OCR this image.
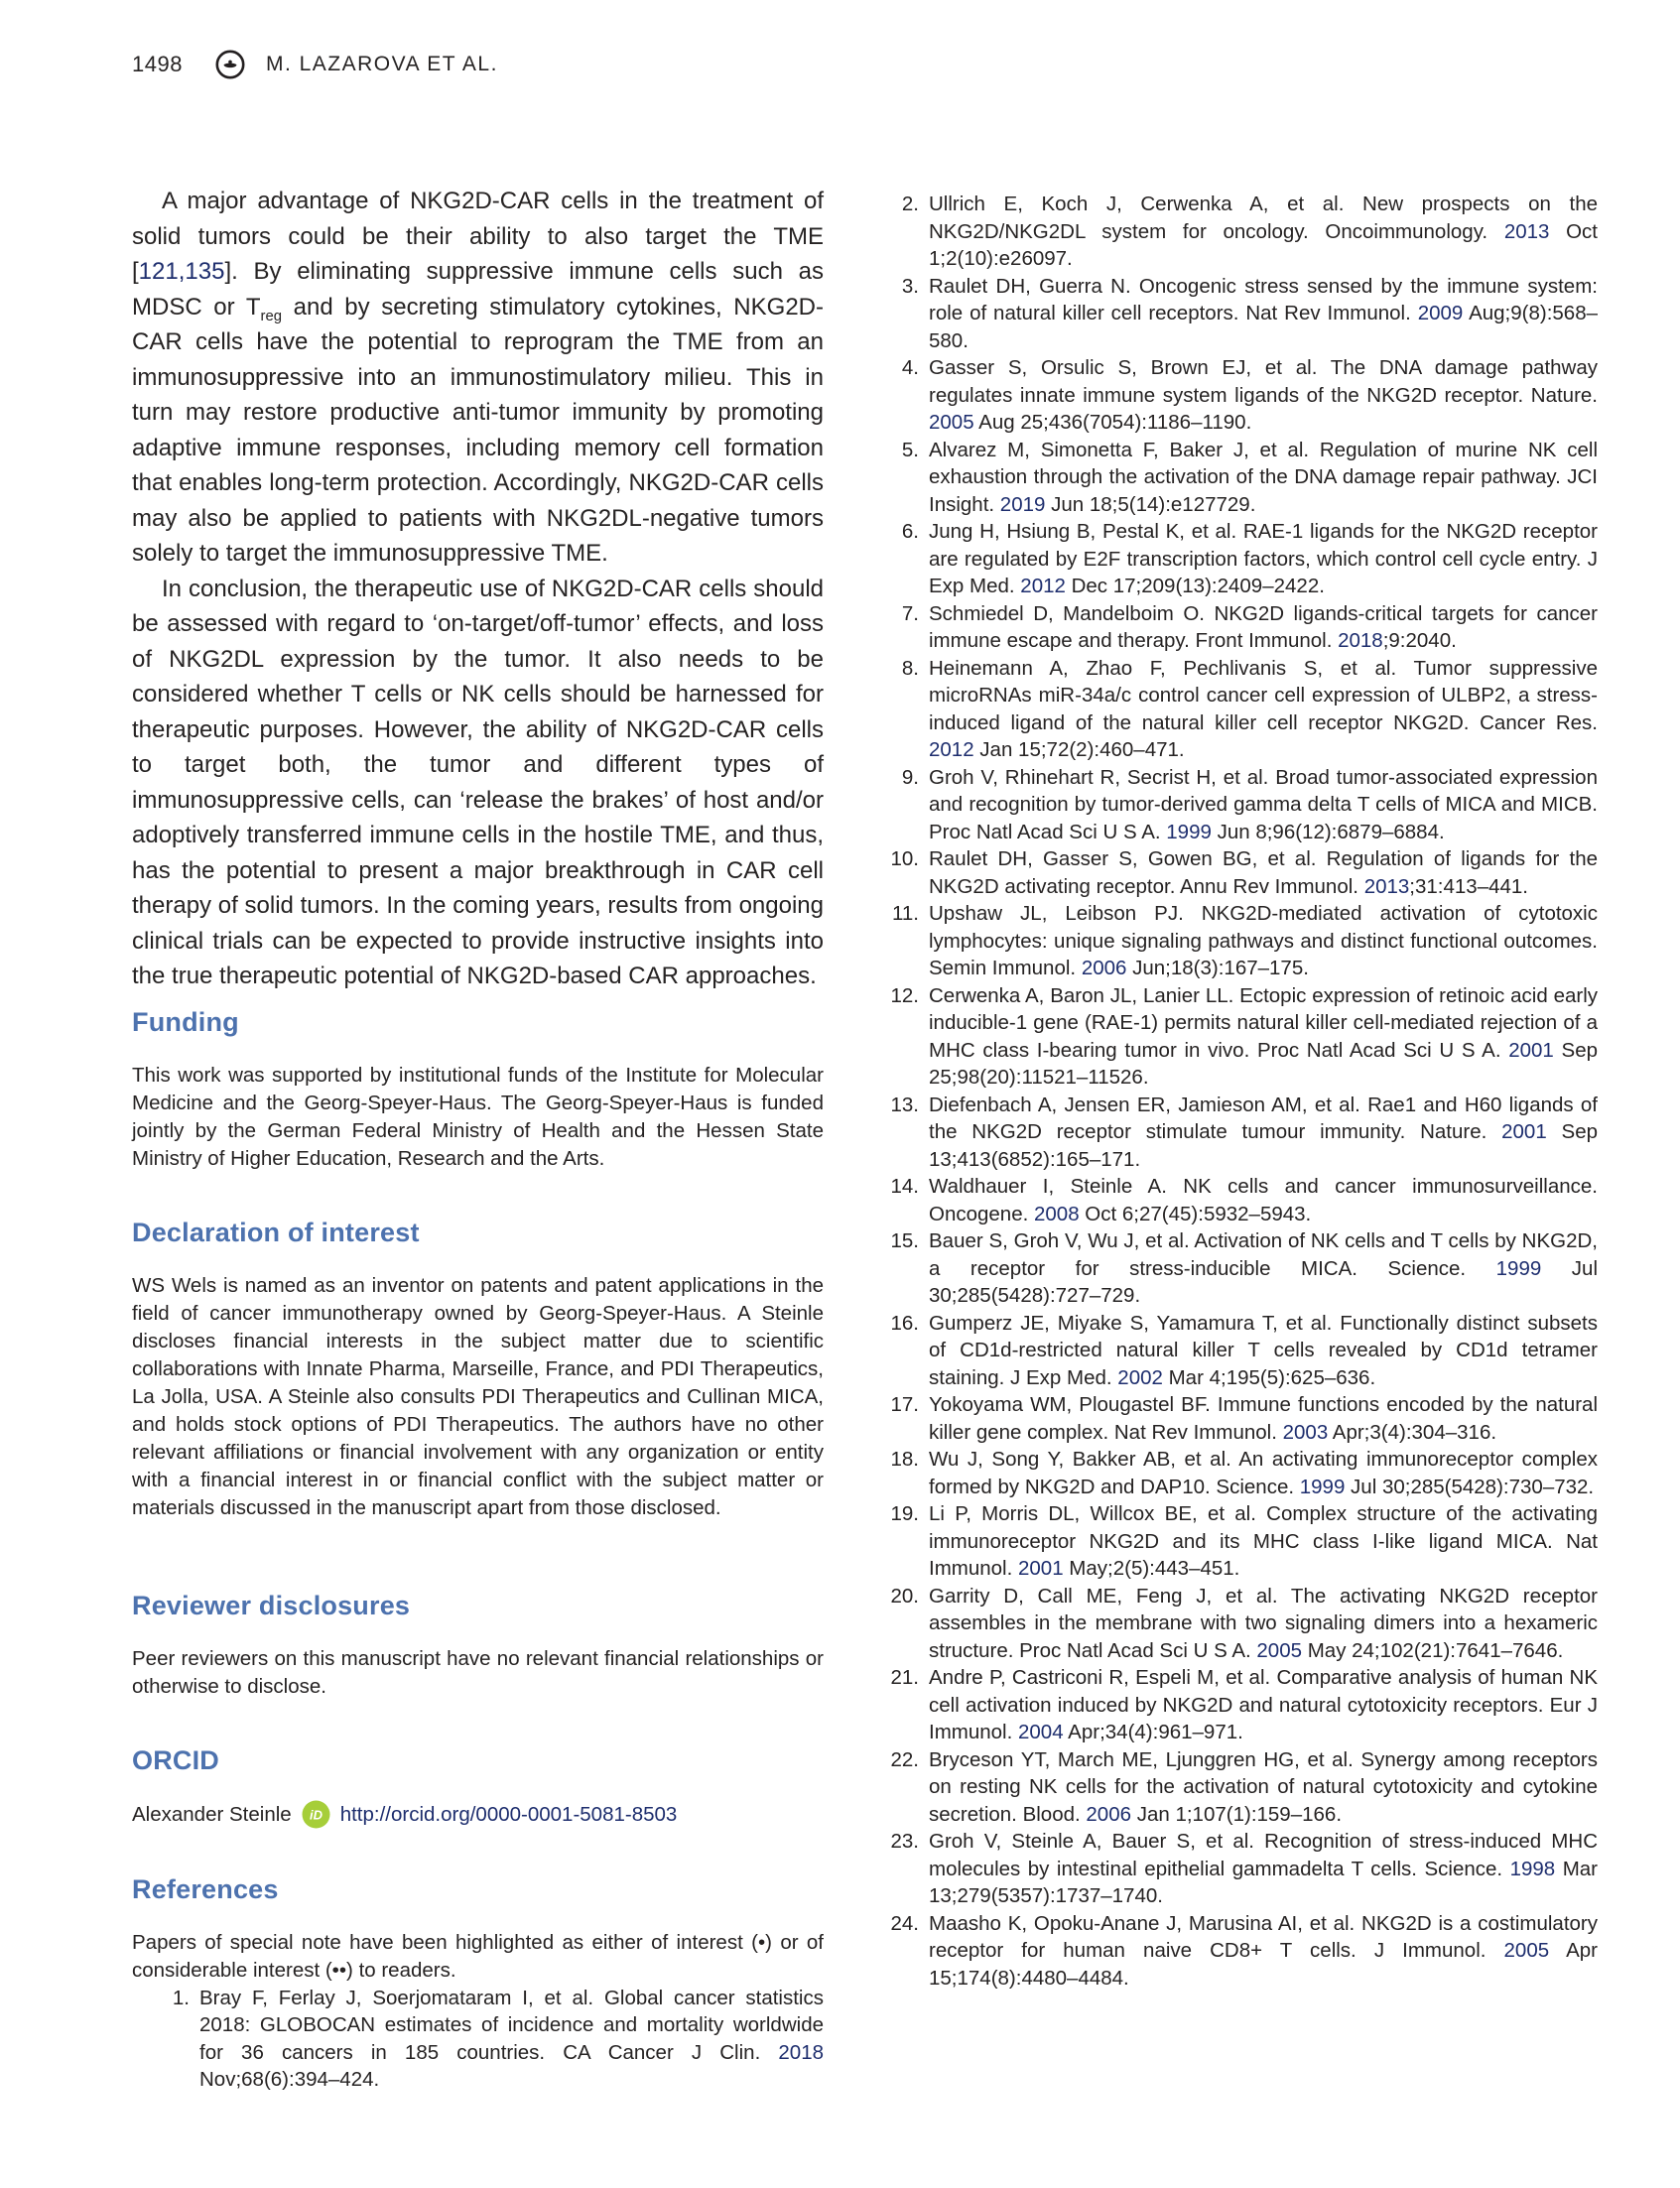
1498	M. LAZAROVA ET AL.

A major advantage of NKG2D-CAR cells in the treatment of solid tumors could be their ability to also target the TME [121,135]. By eliminating suppressive immune cells such as MDSC or $T_{reg}$ and by secreting stimulatory cytokines, NKG2D-CAR cells have the potential to reprogram the TME from an immunosuppressive into an immunostimulatory milieu. This in turn may restore productive anti-tumor immunity by promoting adaptive immune responses, including memory cell formation that enables long-term protection. Accordingly, NKG2D-CAR cells may also be applied to patients with NKG2DL-negative tumors solely to target the immunosuppressive TME.

In conclusion, the therapeutic use of NKG2D-CAR cells should be assessed with regard to ‘on-target/off-tumor’ effects, and loss of NKG2DL expression by the tumor. It also needs to be considered whether T cells or NK cells should be harnessed for therapeutic purposes. However, the ability of NKG2D-CAR cells to target both, the tumor and different types of immunosuppressive cells, can ‘release the brakes’ of host and/or adoptively transferred immune cells in the hostile TME, and thus, has the potential to present a major breakthrough in CAR cell therapy of solid tumors. In the coming years, results from ongoing clinical trials can be expected to provide instructive insights into the true therapeutic potential of NKG2D-based CAR approaches.

Funding

This work was supported by institutional funds of the Institute for Molecular Medicine and the Georg-Speyer-Haus. The Georg-Speyer-Haus is funded jointly by the German Federal Ministry of Health and the Hessen State Ministry of Higher Education, Research and the Arts.

Declaration of interest

WS Wels is named as an inventor on patents and patent applications in the field of cancer immunotherapy owned by Georg-Speyer-Haus. A Steinle discloses financial interests in the subject matter due to scientific collaborations with Innate Pharma, Marseille, France, and PDI Therapeutics, La Jolla, USA. A Steinle also consults PDI Therapeutics and Cullinan MICA, and holds stock options of PDI Therapeutics. The authors have no other relevant affiliations or financial involvement with any organization or entity with a financial interest in or financial conflict with the subject matter or materials discussed in the manuscript apart from those disclosed.

Reviewer disclosures

Peer reviewers on this manuscript have no relevant financial relationships or otherwise to disclose.

ORCID
Alexander Steinle iD http://orcid.org/0000-0001-5081-8503
References

Papers of special note have been highlighted as either of interest (•) or of considerable interest (••) to readers.

1. Bray F, Ferlay J, Soerjomataram I, et al. Global cancer statistics 2018: GLOBOCAN estimates of incidence and mortality worldwide for 36 cancers in 185 countries. CA Cancer J Clin. 2018 Nov;68(6):394–424.
2. Ullrich E, Koch J, Cerwenka A, et al. New prospects on the NKG2D/NKG2DL system for oncology. Oncoimmunology. 2013 Oct 1;2(10):e26097.
3. Raulet DH, Guerra N. Oncogenic stress sensed by the immune system: role of natural killer cell receptors. Nat Rev Immunol. 2009 Aug;9(8):568–580.
4. Gasser S, Orsulic S, Brown EJ, et al. The DNA damage pathway regulates innate immune system ligands of the NKG2D receptor. Nature. 2005 Aug 25;436(7054):1186–1190.
5. Alvarez M, Simonetta F, Baker J, et al. Regulation of murine NK cell exhaustion through the activation of the DNA damage repair pathway. JCI Insight. 2019 Jun 18;5(14):e127729.
6. Jung H, Hsiung B, Pestal K, et al. RAE-1 ligands for the NKG2D receptor are regulated by E2F transcription factors, which control cell cycle entry. J Exp Med. 2012 Dec 17;209(13):2409–2422.
7. Schmiedel D, Mandelboim O. NKG2D ligands-critical targets for cancer immune escape and therapy. Front Immunol. 2018;9:2040.
8. Heinemann A, Zhao F, Pechlivanis S, et al. Tumor suppressive microRNAs miR-34a/c control cancer cell expression of ULBP2, a stress-induced ligand of the natural killer cell receptor NKG2D. Cancer Res. 2012 Jan 15;72(2):460–471.
9. Groh V, Rhinehart R, Secrist H, et al. Broad tumor-associated expression and recognition by tumor-derived gamma delta T cells of MICA and MICB. Proc Natl Acad Sci U S A. 1999 Jun 8;96(12):6879–6884.
10. Raulet DH, Gasser S, Gowen BG, et al. Regulation of ligands for the NKG2D activating receptor. Annu Rev Immunol. 2013;31:413–441.
11. Upshaw JL, Leibson PJ. NKG2D-mediated activation of cytotoxic lymphocytes: unique signaling pathways and distinct functional outcomes. Semin Immunol. 2006 Jun;18(3):167–175.
12. Cerwenka A, Baron JL, Lanier LL. Ectopic expression of retinoic acid early inducible-1 gene (RAE-1) permits natural killer cell-mediated rejection of a MHC class I-bearing tumor in vivo. Proc Natl Acad Sci U S A. 2001 Sep 25;98(20):11521–11526.
13. Diefenbach A, Jensen ER, Jamieson AM, et al. Rae1 and H60 ligands of the NKG2D receptor stimulate tumour immunity. Nature. 2001 Sep 13;413(6852):165–171.
14. Waldhauer I, Steinle A. NK cells and cancer immunosurveillance. Oncogene. 2008 Oct 6;27(45):5932–5943.
15. Bauer S, Groh V, Wu J, et al. Activation of NK cells and T cells by NKG2D, a receptor for stress-inducible MICA. Science. 1999 Jul 30;285(5428):727–729.
16. Gumperz JE, Miyake S, Yamamura T, et al. Functionally distinct subsets of CD1d-restricted natural killer T cells revealed by CD1d tetramer staining. J Exp Med. 2002 Mar 4;195(5):625–636.
17. Yokoyama WM, Plougastel BF. Immune functions encoded by the natural killer gene complex. Nat Rev Immunol. 2003 Apr;3(4):304–316.
18. Wu J, Song Y, Bakker AB, et al. An activating immunoreceptor complex formed by NKG2D and DAP10. Science. 1999 Jul 30;285(5428):730–732.
19. Li P, Morris DL, Willcox BE, et al. Complex structure of the activating immunoreceptor NKG2D and its MHC class I-like ligand MICA. Nat Immunol. 2001 May;2(5):443–451.
20. Garrity D, Call ME, Feng J, et al. The activating NKG2D receptor assembles in the membrane with two signaling dimers into a hexameric structure. Proc Natl Acad Sci U S A. 2005 May 24;102(21):7641–7646.
21. Andre P, Castriconi R, Espeli M, et al. Comparative analysis of human NK cell activation induced by NKG2D and natural cytotoxicity receptors. Eur J Immunol. 2004 Apr;34(4):961–971.
22. Bryceson YT, March ME, Ljunggren HG, et al. Synergy among receptors on resting NK cells for the activation of natural cytotoxicity and cytokine secretion. Blood. 2006 Jan 1;107(1):159–166.
23. Groh V, Steinle A, Bauer S, et al. Recognition of stress-induced MHC molecules by intestinal epithelial gammadelta T cells. Science. 1998 Mar 13;279(5357):1737–1740.
24. Maasho K, Opoku-Anane J, Marusina AI, et al. NKG2D is a costimulatory receptor for human naive CD8+ T cells. J Immunol. 2005 Apr 15;174(8):4480–4484.
